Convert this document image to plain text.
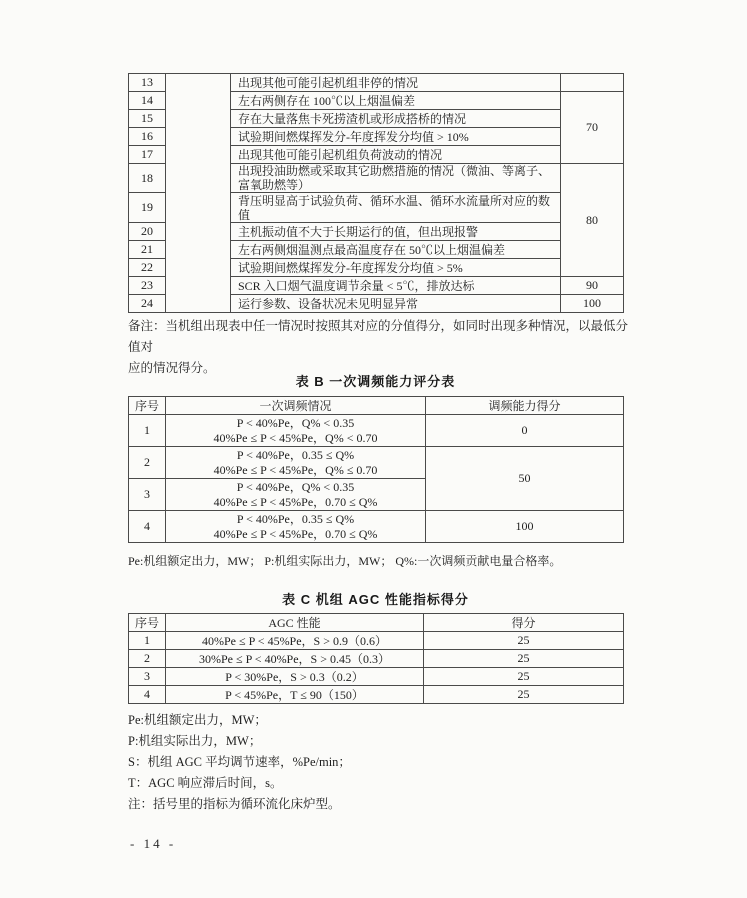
13		出现其他可能引起机组非停的情况	
14		左右两侧存在 100℃以上烟温偏差	70
15		存在大量落焦卡死捞渣机或形成搭桥的情况	
16		试验期间燃煤挥发分-年度挥发分均值 > 10%	
17		出现其他可能引起机组负荷波动的情况	
18		出现投油助燃或采取其它助燃措施的情况（微油、等离子、富氧助燃等）	80
19		背压明显高于试验负荷、循环水温、循环水流量所对应的数值	
20		主机振动值不大于长期运行的值，但出现报警	
21		左右两侧烟温测点最高温度存在 50℃以上烟温偏差	
22		试验期间燃煤挥发分-年度挥发分均值 > 5%	
23		SCR 入口烟气温度调节余量 < 5℃，排放达标	90
24		运行参数、设备状况未见明显异常	100
备注：当机组出现表中任一情况时按照其对应的分值得分，如同时出现多种情况，以最低分值对
应的情况得分。
表 B 一次调频能力评分表
序号	一次调频情况	调频能力得分
1	P < 40%Pe，Q% < 0.35
40%Pe ≤ P < 45%Pe，Q% < 0.70	0
2	P < 40%Pe，0.35 ≤ Q%
40%Pe ≤ P < 45%Pe，Q% ≤ 0.70	50
3	P < 40%Pe，Q% < 0.35
40%Pe ≤ P < 45%Pe，0.70 ≤ Q%	

4	P < 40%Pe，0.35 ≤ Q%
40%Pe ≤ P < 45%Pe，0.70 ≤ Q%	100
Pe:机组额定出力，MW； P:机组实际出力，MW； Q%:一次调频贡献电量合格率。
表 C 机组 AGC 性能指标得分
序号	AGC 性能	得分
1	40%Pe ≤ P < 45%Pe，S > 0.9（0.6）	25
2	30%Pe ≤ P < 40%Pe，S > 0.45（0.3）	25
3	P < 30%Pe，S > 0.3（0.2）	25
4	P < 45%Pe，T ≤ 90（150）	25
Pe:机组额定出力，MW；
P:机组实际出力，MW；
S：机组 AGC 平均调节速率，%Pe/min；
T：AGC 响应滞后时间，s。
注：括号里的指标为循环流化床炉型。
- 14 -
